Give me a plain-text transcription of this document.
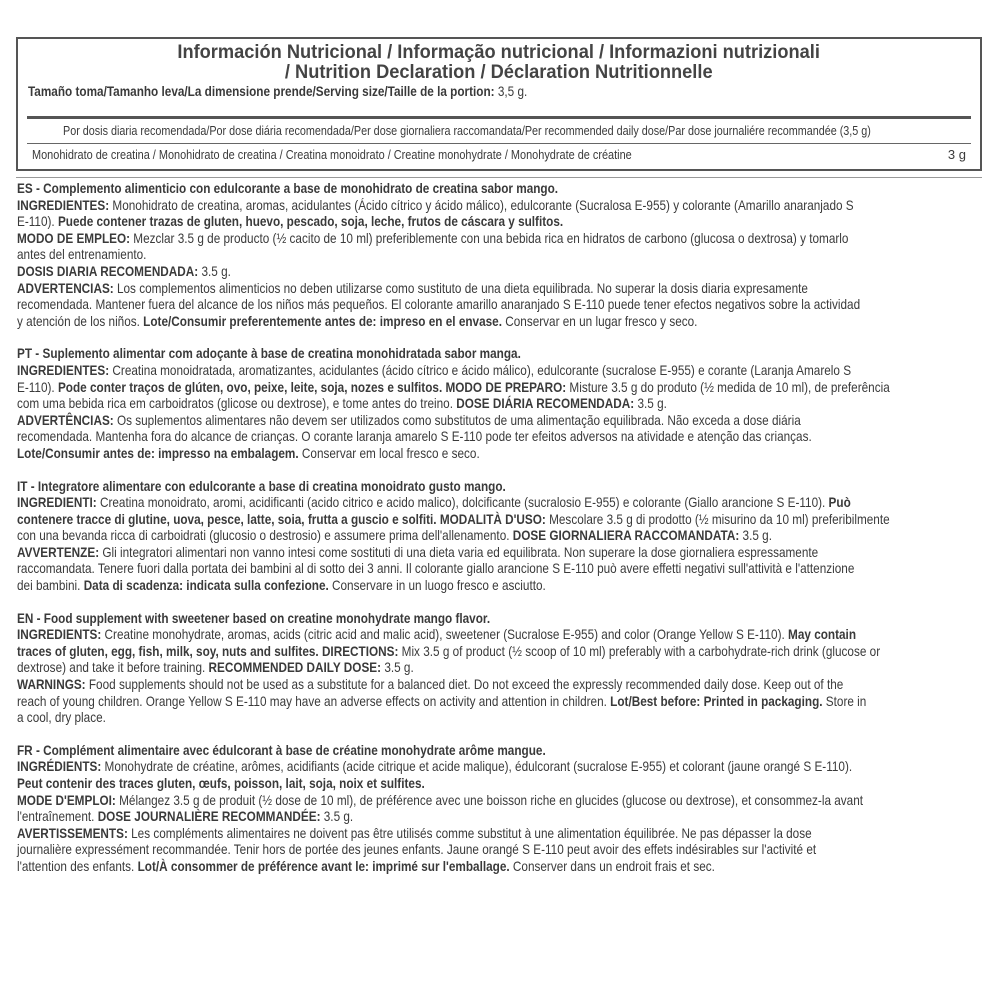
Información Nutricional / Informação nutricional / Informazioni nutrizionali
/ Nutrition Declaration / Déclaration Nutritionnelle
Tamaño toma/Tamanho leva/La dimensione prende/Serving size/Taille de la portion: 3,5 g.
Por dosis diaria recomendada/Por dose diária recomendada/Per dose giornaliera raccomandata/Per recommended daily dose/Par dose journaliére recommandée (3,5 g)
Monohidrato de creatina / Monohidrato de creatina / Creatina monoidrato / Creatine monohydrate / Monohydrate de créatine	3 g
ES - Complemento alimenticio con edulcorante a base de monohidrato de creatina sabor mango.
INGREDIENTES: Monohidrato de creatina, aromas, acidulantes (Ácido cítrico y ácido málico), edulcorante (Sucralosa E-955) y colorante (Amarillo anaranjado S
E-110). Puede contener trazas de gluten, huevo, pescado, soja, leche, frutos de cáscara y sulfitos.
MODO DE EMPLEO: Mezclar 3.5 g de producto (½ cacito de 10 ml) preferiblemente con una bebida rica en hidratos de carbono (glucosa o dextrosa) y tomarlo
antes del entrenamiento.
DOSIS DIARIA RECOMENDADA: 3.5 g.
ADVERTENCIAS: Los complementos alimenticios no deben utilizarse como sustituto de una dieta equilibrada. No superar la dosis diaria expresamente
recomendada. Mantener fuera del alcance de los niños más pequeños. El colorante amarillo anaranjado S E-110 puede tener efectos negativos sobre la actividad
y atención de los niños. Lote/Consumir preferentemente antes de: impreso en el envase. Conservar en un lugar fresco y seco.
PT - Suplemento alimentar com adoçante à base de creatina monohidratada sabor manga.
INGREDIENTES: Creatina monoidratada, aromatizantes, acidulantes (ácido cítrico e ácido málico), edulcorante (sucralose E-955) e corante (Laranja Amarelo S
E-110). Pode conter traços de glúten, ovo, peixe, leite, soja, nozes e sulfitos. MODO DE PREPARO: Misture 3.5 g do produto (½ medida de 10 ml), de preferência
com uma bebida rica em carboidratos (glicose ou dextrose), e tome antes do treino. DOSE DIÁRIA RECOMENDADA: 3.5 g.
ADVERTÊNCIAS: Os suplementos alimentares não devem ser utilizados como substitutos de uma alimentação equilibrada. Não exceda a dose diária
recomendada. Mantenha fora do alcance de crianças. O corante laranja amarelo S E-110 pode ter efeitos adversos na atividade e atenção das crianças.
Lote/Consumir antes de: impresso na embalagem. Conservar em local fresco e seco.
IT - Integratore alimentare con edulcorante a base di creatina monoidrato gusto mango.
INGREDIENTI: Creatina monoidrato, aromi, acidificanti (acido citrico e acido malico), dolcificante (sucralosio E-955) e colorante (Giallo arancione S E-110). Può
contenere tracce di glutine, uova, pesce, latte, soia, frutta a guscio e solfiti. MODALITÀ D'USO: Mescolare 3.5 g di prodotto (½ misurino da 10 ml) preferibilmente
con una bevanda ricca di carboidrati (glucosio o destrosio) e assumere prima dell'allenamento. DOSE GIORNALIERA RACCOMANDATA: 3.5 g.
AVVERTENZE: Gli integratori alimentari non vanno intesi come sostituti di una dieta varia ed equilibrata. Non superare la dose giornaliera espressamente
raccomandata. Tenere fuori dalla portata dei bambini al di sotto dei 3 anni. Il colorante giallo arancione S E-110 può avere effetti negativi sull'attività e l'attenzione
dei bambini. Data di scadenza: indicata sulla confezione. Conservare in un luogo fresco e asciutto.
EN - Food supplement with sweetener based on creatine monohydrate mango flavor.
INGREDIENTS: Creatine monohydrate, aromas, acids (citric acid and malic acid), sweetener (Sucralose E-955) and color (Orange Yellow S E-110). May contain
traces of gluten, egg, fish, milk, soy, nuts and sulfites. DIRECTIONS: Mix 3.5 g of product (½ scoop of 10 ml) preferably with a carbohydrate-rich drink (glucose or
dextrose) and take it before training. RECOMMENDED DAILY DOSE: 3.5 g.
WARNINGS: Food supplements should not be used as a substitute for a balanced diet. Do not exceed the expressly recommended daily dose. Keep out of the
reach of young children. Orange Yellow S E-110 may have an adverse effects on activity and attention in children. Lot/Best before: Printed in packaging. Store in
a cool, dry place.
FR - Complément alimentaire avec édulcorant à base de créatine monohydrate arôme mangue.
INGRÉDIENTS: Monohydrate de créatine, arômes, acidifiants (acide citrique et acide malique), édulcorant (sucralose E-955) et colorant (jaune orangé S E-110).
Peut contenir des traces gluten, œufs, poisson, lait, soja, noix et sulfites.
MODE D'EMPLOI: Mélangez 3.5 g de produit (½ dose de 10 ml), de préférence avec une boisson riche en glucides (glucose ou dextrose), et consommez-la avant
l'entraînement. DOSE JOURNALIÈRE RECOMMANDÉE: 3.5 g.
AVERTISSEMENTS: Les compléments alimentaires ne doivent pas être utilisés comme substitut à une alimentation équilibrée. Ne pas dépasser la dose
journalière expressément recommandée. Tenir hors de portée des jeunes enfants. Jaune orangé S E-110 peut avoir des effets indésirables sur l'activité et
l'attention des enfants. Lot/À consommer de préférence avant le: imprimé sur l'emballage. Conserver dans un endroit frais et sec.
